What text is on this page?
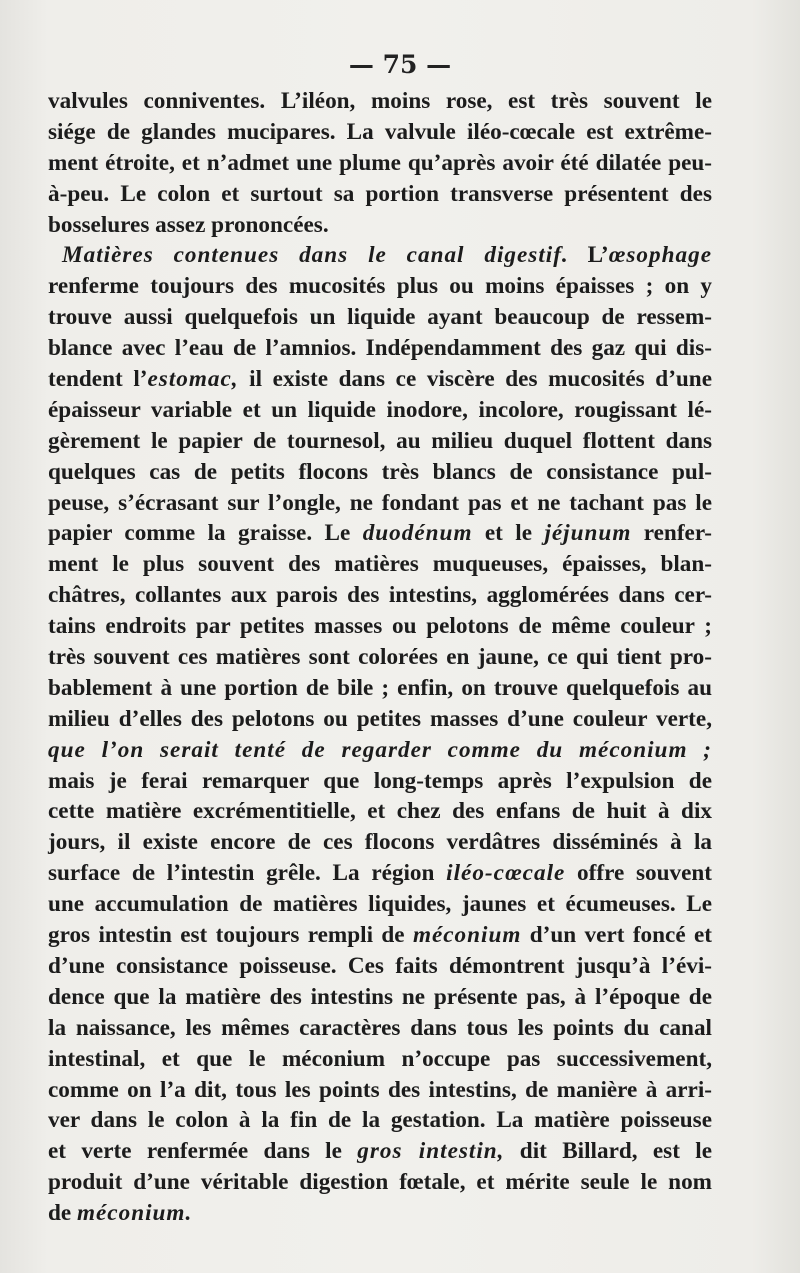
— 75 —
valvules conniventes. L’iléon, moins rose, est très souvent le
siége de glandes mucipares. La valvule iléo-cœcale est extrême-
ment étroite, et n’admet une plume qu’après avoir été dilatée peu-
à-peu. Le colon et surtout sa portion transverse présentent des
bosselures assez prononcées.
Matières contenues dans le canal digestif. L’œsophage
renferme toujours des mucosités plus ou moins épaisses ; on y
trouve aussi quelquefois un liquide ayant beaucoup de ressem-
blance avec l’eau de l’amnios. Indépendamment des gaz qui dis-
tendent l’estomac, il existe dans ce viscère des mucosités d’une
épaisseur variable et un liquide inodore, incolore, rougissant lé-
gèrement le papier de tournesol, au milieu duquel flottent dans
quelques cas de petits flocons très blancs de consistance pul-
peuse, s’écrasant sur l’ongle, ne fondant pas et ne tachant pas le
papier comme la graisse. Le duodénum et le jéjunum renfer-
ment le plus souvent des matières muqueuses, épaisses, blan-
châtres, collantes aux parois des intestins, agglomérées dans cer-
tains endroits par petites masses ou pelotons de même couleur ;
très souvent ces matières sont colorées en jaune, ce qui tient pro-
bablement à une portion de bile ; enfin, on trouve quelquefois au
milieu d’elles des pelotons ou petites masses d’une couleur verte,
que l’on serait tenté de regarder comme du méconium ;
mais je ferai remarquer que long-temps après l’expulsion de
cette matière excrémentitielle, et chez des enfans de huit à dix
jours, il existe encore de ces flocons verdâtres disséminés à la
surface de l’intestin grêle. La région iléo-cœcale offre souvent
une accumulation de matières liquides, jaunes et écumeuses. Le
gros intestin est toujours rempli de méconium d’un vert foncé et
d’une consistance poisseuse. Ces faits démontrent jusqu’à l’évi-
dence que la matière des intestins ne présente pas, à l’époque de
la naissance, les mêmes caractères dans tous les points du canal
intestinal, et que le méconium n’occupe pas successivement,
comme on l’a dit, tous les points des intestins, de manière à arri-
ver dans le colon à la fin de la gestation. La matière poisseuse
et verte renfermée dans le gros intestin, dit Billard, est le
produit d’une véritable digestion fœtale, et mérite seule le nom
de méconium.
